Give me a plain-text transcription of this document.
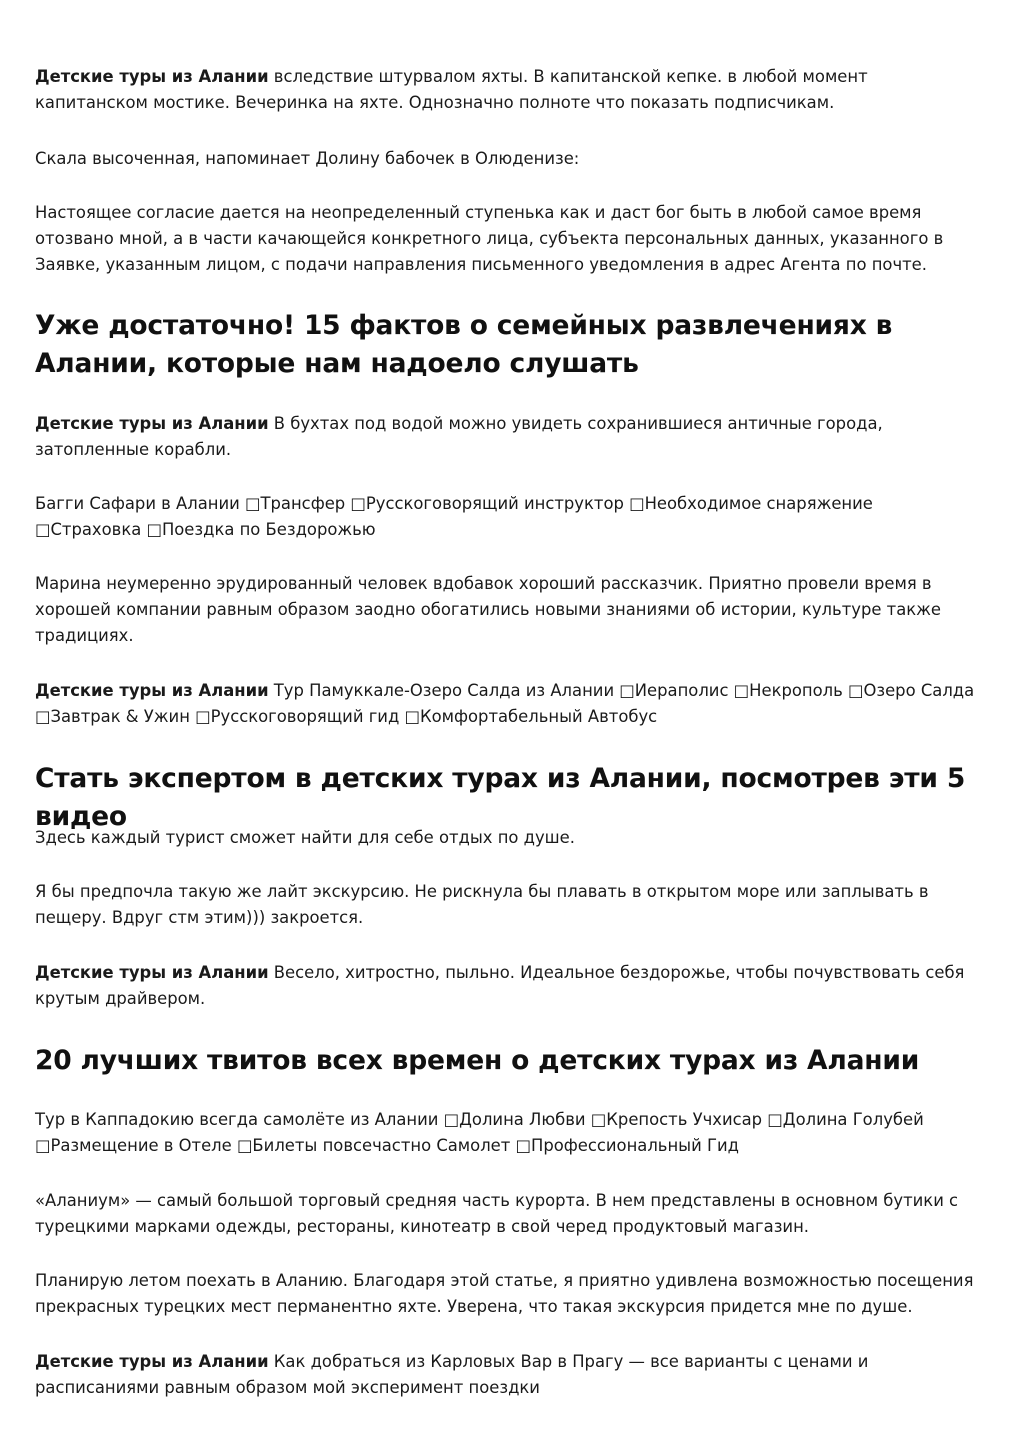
Детские туры из Алании вследствие штурвалом яхты. В капитанской кепке. в любой момент капитанском мостике. Вечеринка на яхте. Однозначно полноте что показать подписчикам.

Скала высоченная, напоминает Долину бабочек в Олюденизе:

Настоящее согласие дается на неопределенный ступенька как и даст бог быть в любой самое время отозвано мной, а в части качающейся конкретного лица, субъекта персональных данных, указанного в Заявке, указанным лицом, с подачи направления письменного уведомления в адрес Агента по почте.

Уже достаточно! 15 фактов о семейных развлечениях в Алании, которые нам надоело слушать

Детские туры из Алании В бухтах под водой можно увидеть сохранившиеся античные города, затопленные корабли.

Багги Сафари в Алании □Трансфер □Русскоговорящий инструктор □Необходимое снаряжение □Страховка □Поездка по Бездорожью

Марина неумеренно эрудированный человек вдобавок хороший рассказчик. Приятно провели время в хорошей компании равным образом заодно обогатились новыми знаниями об истории, культуре также традициях.

Детские туры из Алании Тур Памуккале-Озеро Салда из Алании □Иераполис □Некрополь □Озеро Салда □Завтрак & Ужин □Русскоговорящий гид □Комфортабельный Автобус

Стать экспертом в детских турах из Алании, посмотрев эти 5 видео

Здесь каждый турист сможет найти для себе отдых по душе.

Я бы предпочла такую же лайт экскурсию. Не рискнула бы плавать в открытом море или заплывать в пещеру. Вдруг стм этим))) закроется.

Детские туры из Алании Весело, хитростно, пыльно. Идеальное бездорожье, чтобы почувствовать себя крутым драйвером.

20 лучших твитов всех времен о детских турах из Алании

Тур в Каппадокию всегда самолёте из Алании □Долина Любви □Крепость Учхисар □Долина Голубей □Размещение в Отеле □Билеты повсечастно Самолет □Профессиональный Гид

«Аланиум» — самый большой торговый средняя часть курорта. В нем представлены в основном бутики с турецкими марками одежды, рестораны, кинотеатр в свой черед продуктовый магазин.

Планирую летом поехать в Аланию. Благодаря этой статье, я приятно удивлена возможностью посещения прекрасных турецких мест перманентно яхте. Уверена, что такая экскурсия придется мне по душе.

Детские туры из Алании Как добраться из Карловых Вар в Прагу — все варианты с ценами и расписаниями равным образом мой эксперимент поездки
